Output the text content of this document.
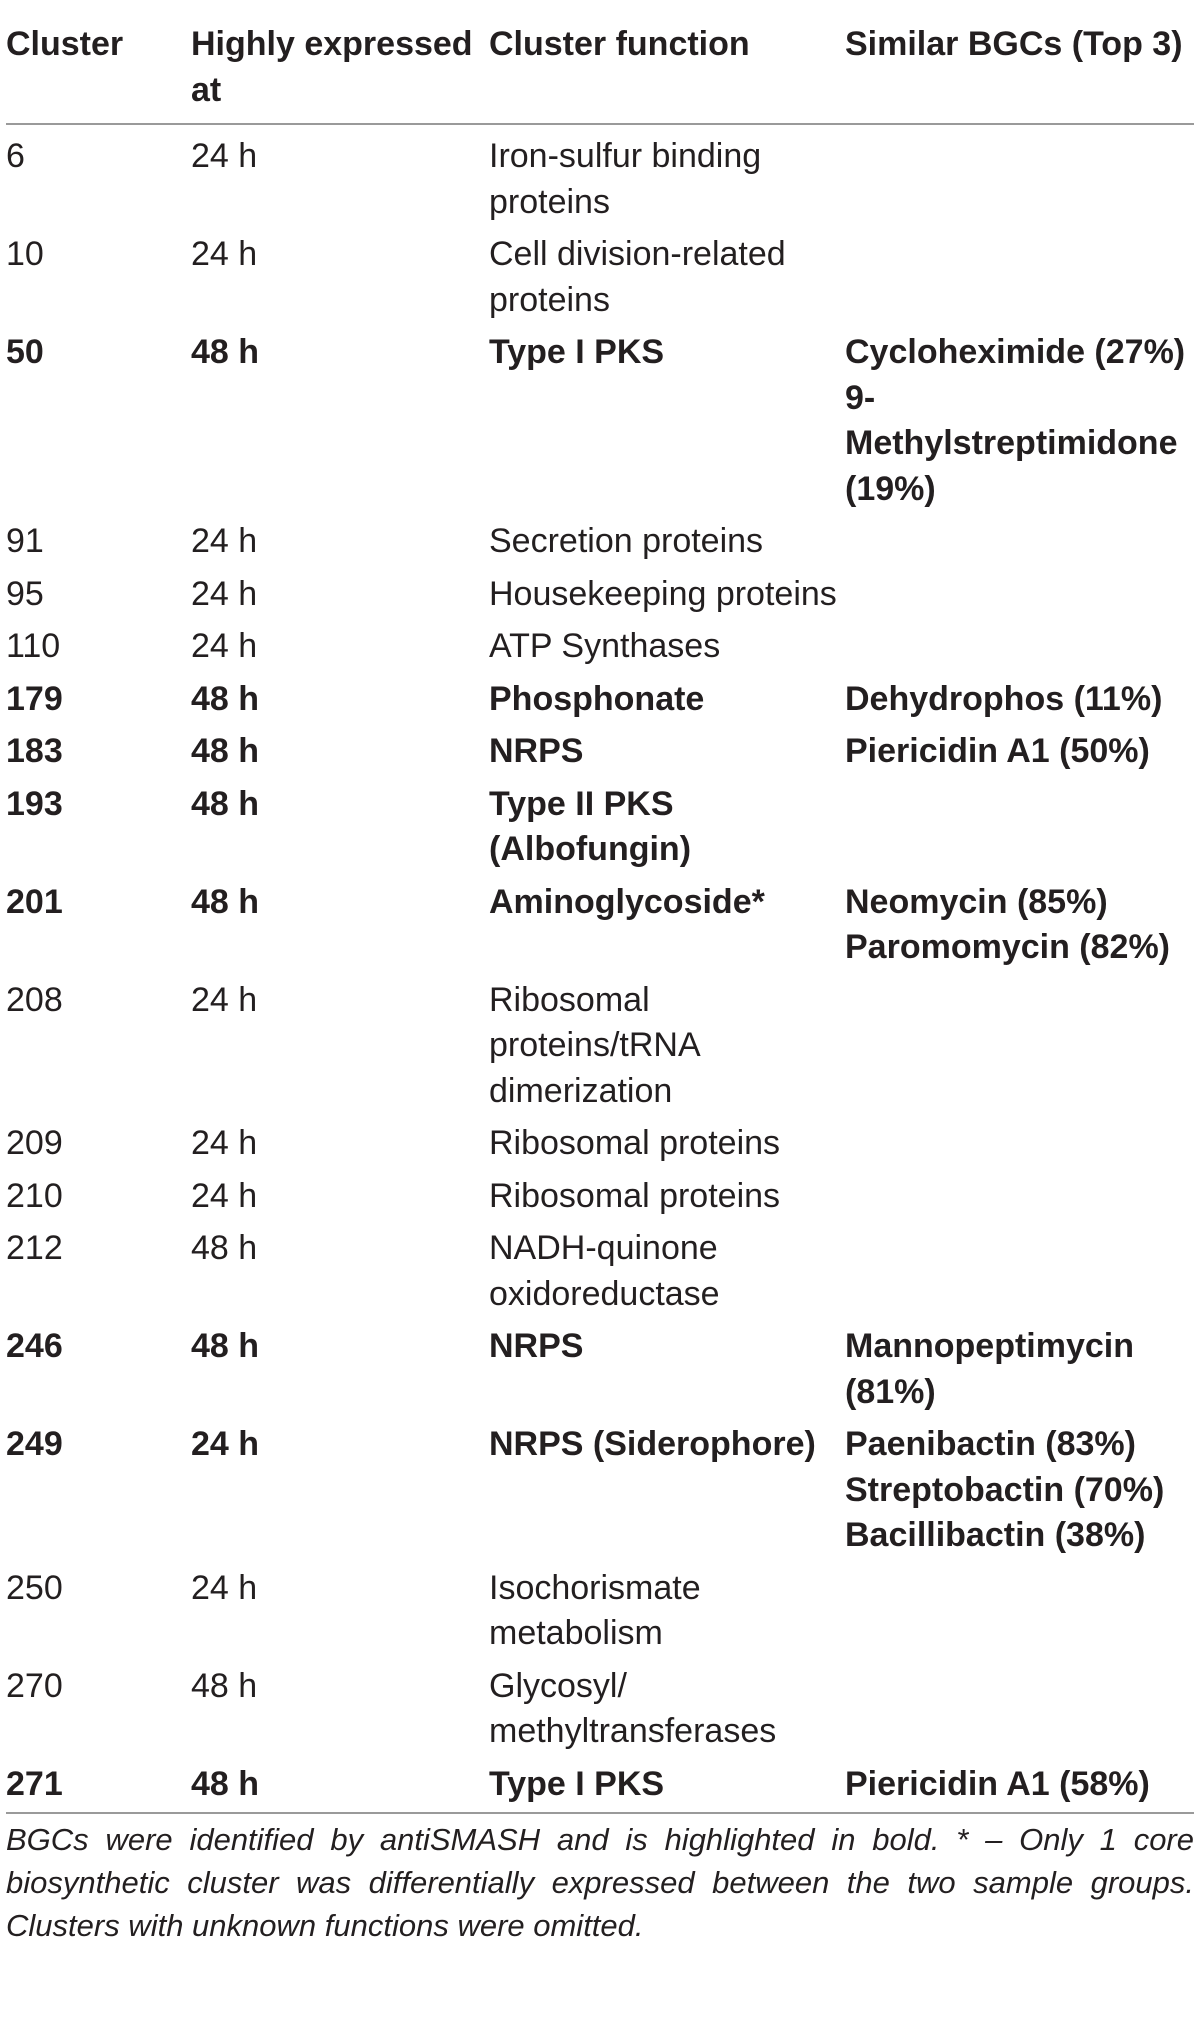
Cluster	Highly expressed at	Cluster function	Similar BGCs (Top 3)
6	24 h	Iron-sulfur binding proteins	
10	24 h	Cell division-related proteins	
50	48 h	Type I PKS	Cycloheximide (27%)
9-Methylstreptimidone (19%)

91	24 h	Secretion proteins	
95	24 h	Housekeeping proteins	
110	24 h	ATP Synthases	
179	48 h	Phosphonate	Dehydrophos (11%)

183	48 h	NRPS	Piericidin A1 (50%)

193	48 h	Type II PKS (Albofungin)	
201	48 h	Aminoglycoside*	Neomycin (85%)
Paromomycin (82%)

208	24 h	Ribosomal proteins/tRNA dimerization	
209	24 h	Ribosomal proteins	
210	24 h	Ribosomal proteins	
212	48 h	NADH-quinone oxidoreductase	
246	48 h	NRPS	Mannopeptimycin (81%)

249	24 h	NRPS (Siderophore)	Paenibactin (83%)
Streptobactin (70%)
Bacillibactin (38%)

250	24 h	Isochorismate metabolism	
270	48 h	Glycosyl/ methyltransferases	
271	48 h	Type I PKS	Piericidin A1 (58%)
BGCs were identified by antiSMASH and is highlighted in bold. * – Only 1 core biosynthetic cluster was differentially expressed between the two sample groups. Clusters with unknown functions were omitted.
